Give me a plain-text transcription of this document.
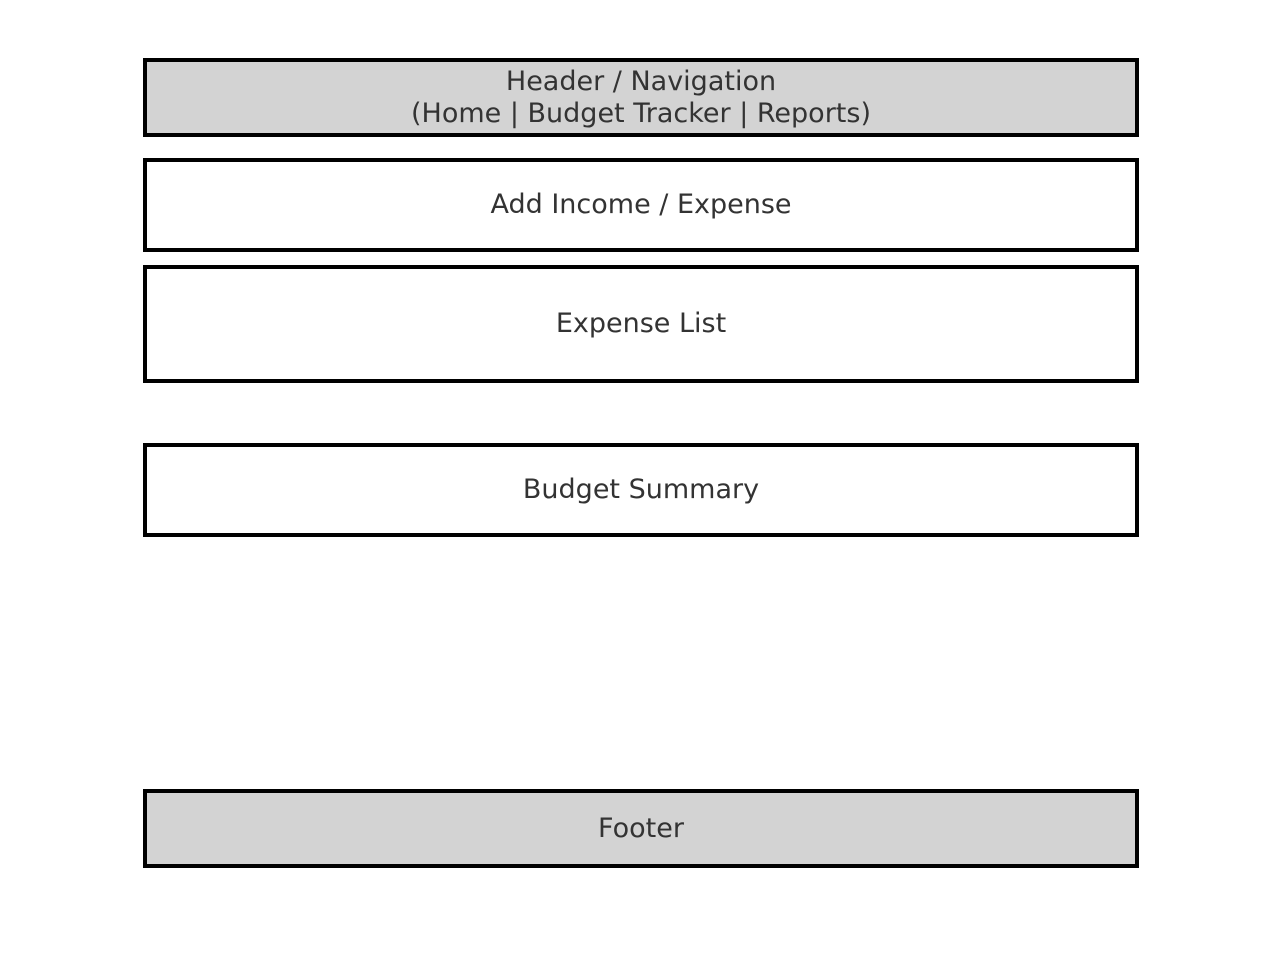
Header / Navigation
(Home | Budget Tracker | Reports)
Add Income / Expense
Expense List
Budget Summary
Footer
